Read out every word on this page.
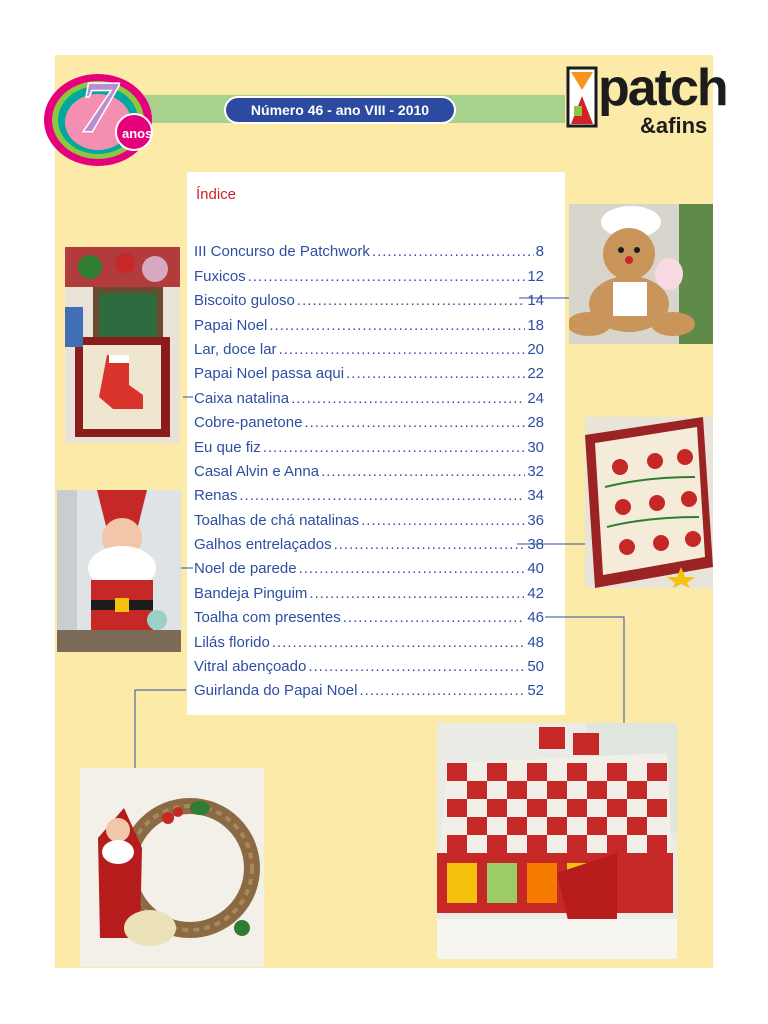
7 anos
Número 46 - ano VIII - 2010	patch
&afins
Índice
III Concurso de Patchwork .....	8
Fuxicos .....	12
Biscoito guloso .....	14
Papai Noel .....	18
Lar, doce lar .....	20
Papai Noel passa aqui .....	22
Caixa natalina .....	24
Cobre-panetone .....	28
Eu que fiz .....	30
Casal Alvin e Anna .....	32
Renas .....	34
Toalhas de chá natalinas .....	36
Galhos entrelaçados .....	38
Noel de parede .....	40
Bandeja Pinguim .....	42
Toalha com presentes .....	46
Lilás florido .....	48
Vitral abençoado .....	50
Guirlanda do Papai Noel .....	52
